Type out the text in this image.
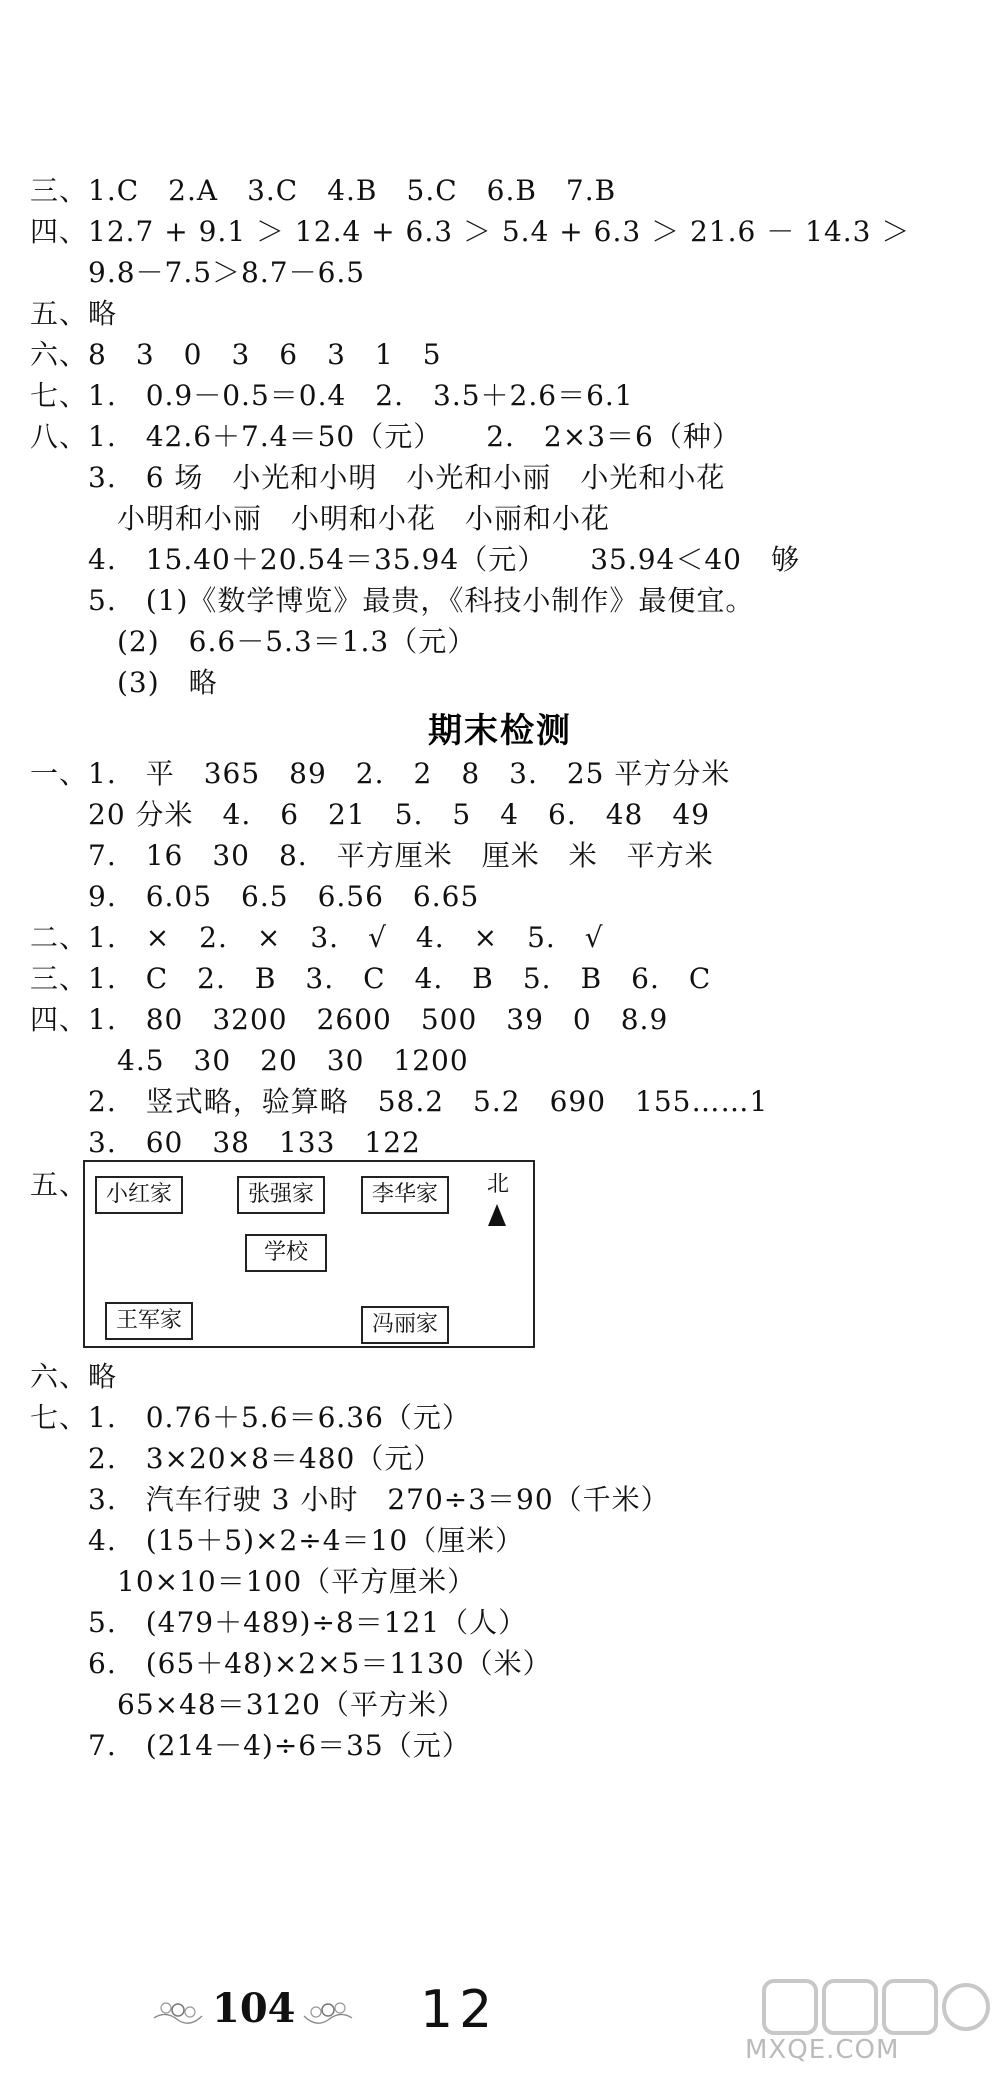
三、1.C　2.A　3.C　4.B　5.C　6.B　7.B
四、12.7 + 9.1 ＞ 12.4 + 6.3 ＞ 5.4 + 6.3 ＞ 21.6 － 14.3 ＞
　　9.8－7.5＞8.7－6.5
五、略
六、8　3　0　3　6　3　1　5
七、1.　0.9－0.5＝0.4　2.　3.5＋2.6＝6.1
八、1.　42.6＋7.4＝50（元）　　2.　2×3＝6（种）
　　3.　6 场　小光和小明　小光和小丽　小光和小花
　　　小明和小丽　小明和小花　小丽和小花
　　4.　15.40＋20.54＝35.94（元）　　35.94＜40　够
　　5.　(1)《数学博览》最贵，《科技小制作》最便宜。
　　　(2)　6.6－5.3＝1.3（元）
　　　(3)　略
期末检测
一、1.　平　365　89　2.　2　8　3.　25 平方分米
　　20 分米　4.　6　21　5.　5　4　6.　48　49
　　7.　16　30　8.　平方厘米　厘米　米　平方米
　　9.　6.05　6.5　6.56　6.65
二、1.　×　2.　×　3.　√　4.　×　5.　√
三、1.　C　2.　B　3.　C　4.　B　5.　B　6.　C
四、1.　80　3200　2600　500　39　0　8.9
　　　4.5　30　20　30　1200
　　2.　竖式略，验算略　58.2　5.2　690　155……1
　　3.　60　38　133　122
五、 小红家	张强家	李华家	北
学校
王军家	冯丽家
六、略
七、1.　0.76＋5.6＝6.36（元）
　　2.　3×20×8＝480（元）
　　3.　汽车行驶 3 小时　270÷3＝90（千米）
　　4.　(15＋5)×2÷4＝10（厘米）
　　　10×10＝100（平方厘米）
　　5.　(479＋489)÷8＝121（人）
　　6.　(65＋48)×2×5＝1130（米）
　　　65×48＝3120（平方米）
　　7.　(214－4)÷6＝35（元）
104 12
MXQE.COM
